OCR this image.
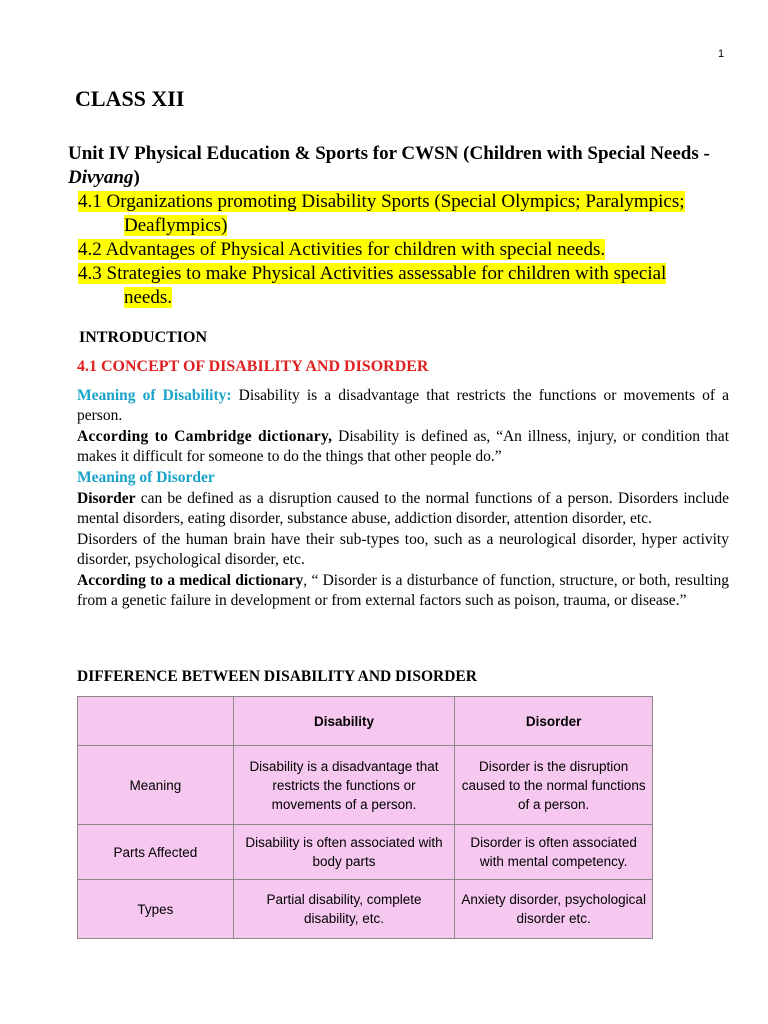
1
CLASS XII
Unit IV Physical Education & Sports for CWSN (Children with Special Needs - Divyang)

4.1 Organizations promoting Disability Sports (Special Olympics; Paralympics; Deaflympics)

4.2 Advantages of Physical Activities for children with special needs.

4.3 Strategies to make Physical Activities assessable for children with special needs.

INTRODUCTION
4.1 CONCEPT OF DISABILITY AND DISORDER

Meaning of Disability: Disability is a disadvantage that restricts the functions or movements of a person.

According to Cambridge dictionary, Disability is defined as, “An illness, injury, or condition that makes it difficult for someone to do the things that other people do.”

Meaning of Disorder

Disorder can be defined as a disruption caused to the normal functions of a person. Disorders include mental disorders, eating disorder, substance abuse, addiction disorder, attention disorder, etc.

Disorders of the human brain have their sub-types too, such as a neurological disorder, hyper activity disorder, psychological disorder, etc.

According to a medical dictionary, “ Disorder is a disturbance of function, structure, or both, resulting from a genetic failure in development or from external factors such as poison, trauma, or disease.”

DIFFERENCE BETWEEN DISABILITY AND DISORDER
	Disability	Disorder
Meaning	Disability is a disadvantage that restricts the functions or movements of a person.	Disorder is the disruption caused to the normal functions of a person.
Parts Affected	Disability is often associated with body parts	Disorder is often associated with mental competency.
Types	Partial disability, complete disability, etc.	Anxiety disorder, psychological disorder etc.
